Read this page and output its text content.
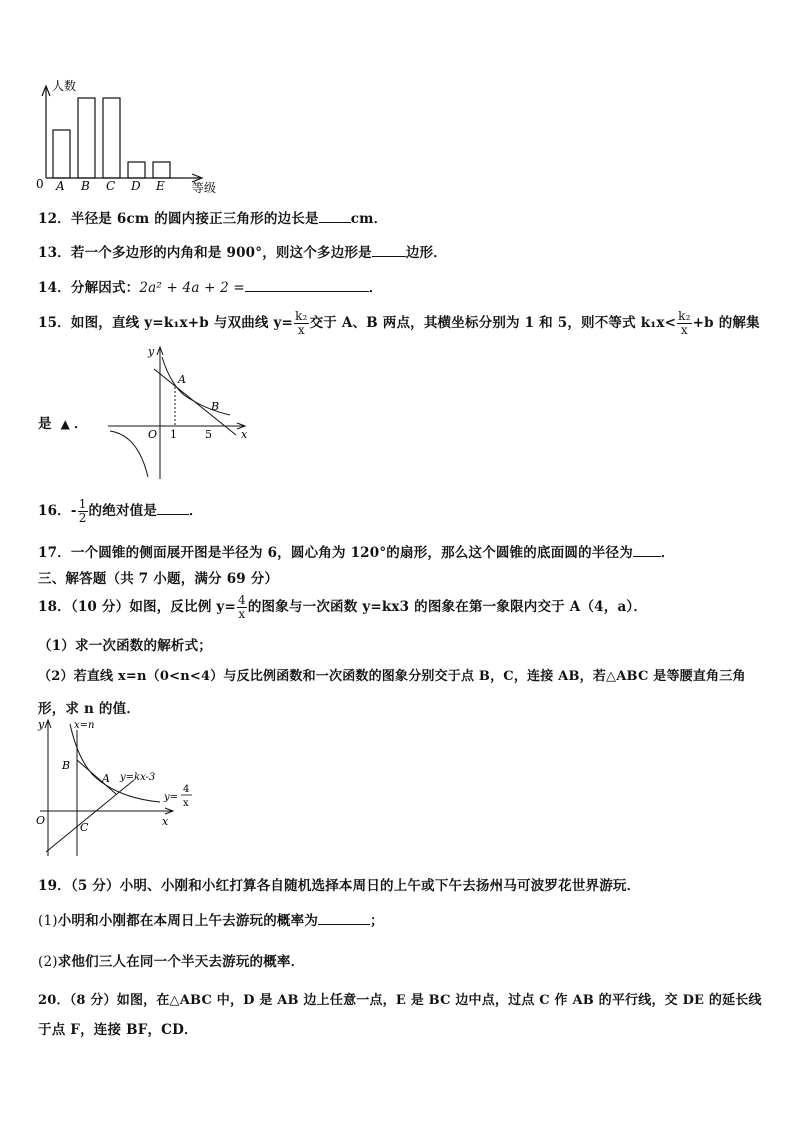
人数
等级
0 A B C D E
12．半径是 6cm 的圆内接正三角形的边长是 cm．
13．若一个多边形的内角和是 900°，则这个多边形是	边形．
14．分解因式：2a² + 4a + 2 =	．
15．如图，直线 y=k₁x+b 与双曲线 $y= \frac{\text{k₂}}{x}$ 交于 A、B 两点，其横坐标分别为 1 和 5，则不等式 $k_1x< \frac{\text{k₂}}{x} +b$ 的解集
y
x
O
A
B
1	5
是 ▲ ．
16．- $\frac{1}{2}$ 的绝对值是 ．
17．一个圆锥的侧面展开图是半径为 6，圆心角为 120°的扇形，那么这个圆锥的底面圆的半径为 ．
三、解答题（共 7 小题，满分 69 分）
18．（10 分）如图，反比例 $y= \frac{4}{x}$ 的图象与一次函数 y=kx3 的图象在第一象限内交于 A（4，a）．
（1）求一次函数的解析式；
（2）若直线 x=n（0<n<4）与反比例函数和一次函数的图象分别交于点 B，C，连接 AB，若△ABC 是等腰直角三角
形，求 n 的值．
y
x
O
x=n
B
A
C
y=kx-3
y=
4
x
19．（5 分）小明、小刚和小红打算各自随机选择本周日的上午或下午去扬州马可波罗花世界游玩．
(1)小明和小刚都在本周日上午去游玩的概率为	；
(2)求他们三人在同一个半天去游玩的概率．
20．（8 分）如图，在△ABC 中，D 是 AB 边上任意一点，E 是 BC 边中点，过点 C 作 AB 的平行线，交 DE 的延长线
于点 F，连接 BF，CD．
